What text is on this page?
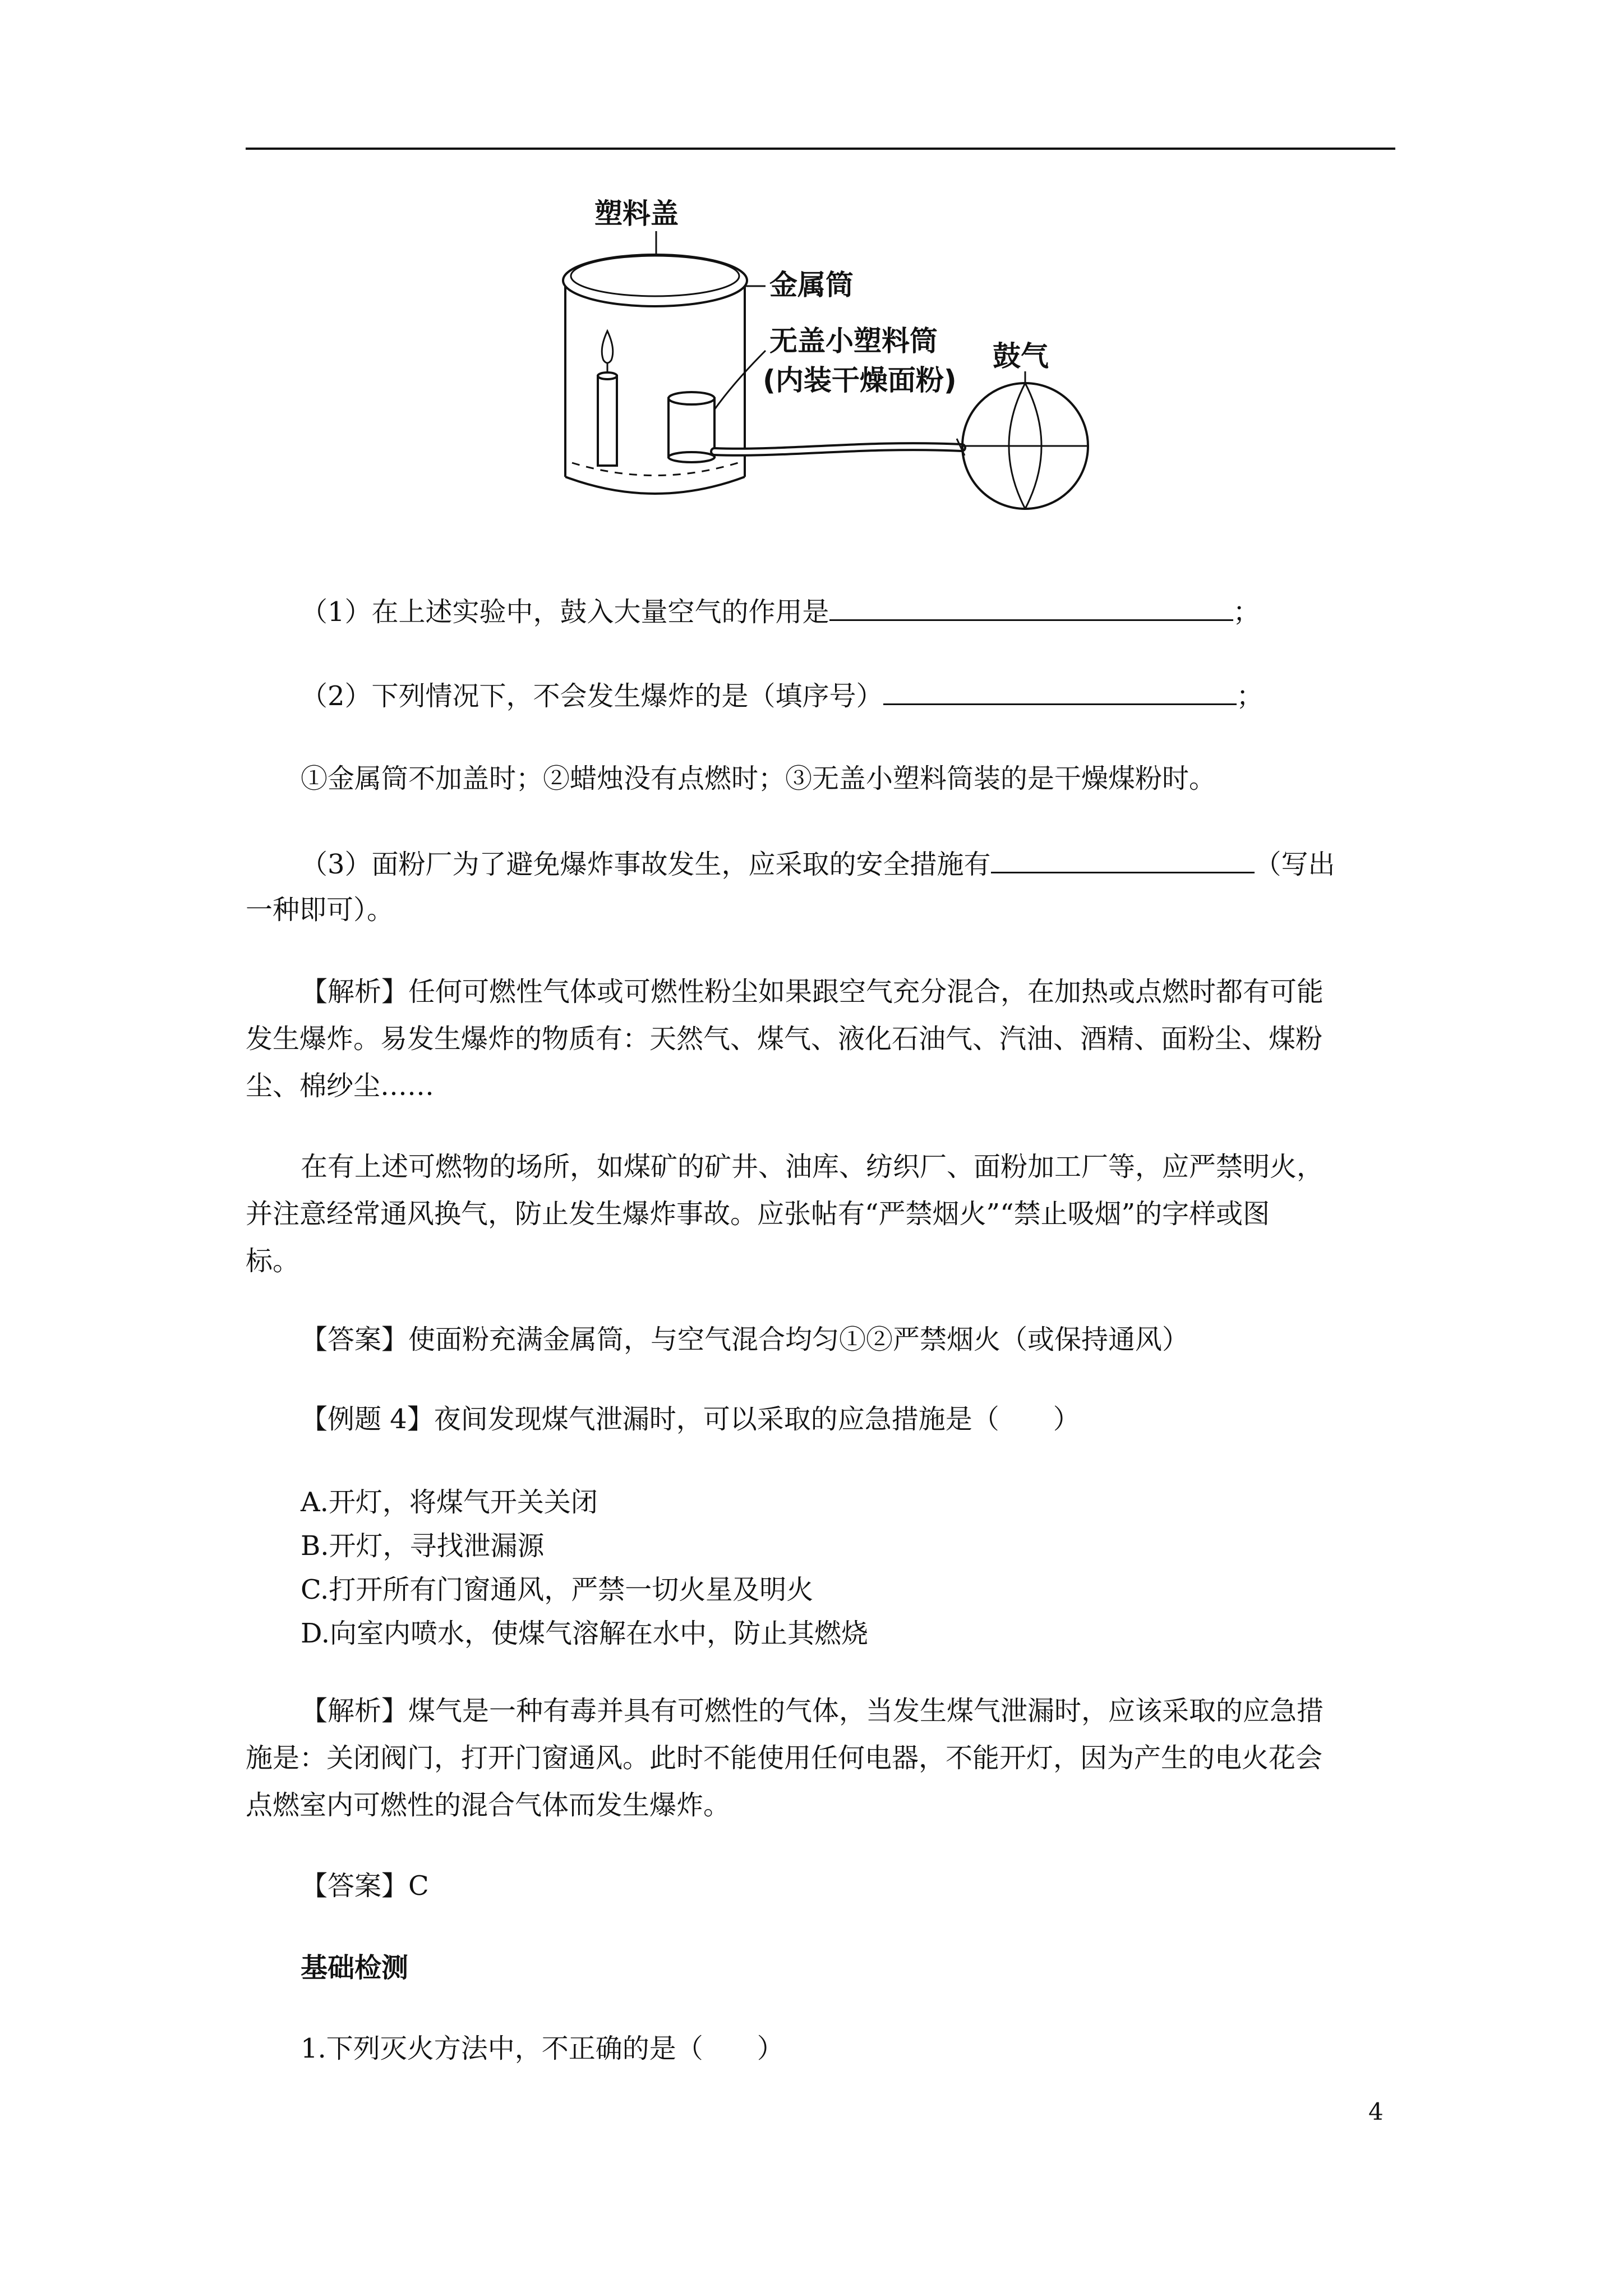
塑料盖
金属筒
无盖小塑料筒
(内装干燥面粉)
鼓气
（1）在上述实验中，鼓入大量空气的作用是	；
（2）下列情况下，不会发生爆炸的是（填序号）	；
①金属筒不加盖时；②蜡烛没有点燃时；③无盖小塑料筒装的是干燥煤粉时。
（3）面粉厂为了避免爆炸事故发生，应采取的安全措施有	（写出
一种即可）。
【解析】任何可燃性气体或可燃性粉尘如果跟空气充分混合，在加热或点燃时都有可能
发生爆炸。易发生爆炸的物质有：天然气、煤气、液化石油气、汽油、酒精、面粉尘、煤粉
尘、棉纱尘……
在有上述可燃物的场所，如煤矿的矿井、油库、纺织厂、面粉加工厂等，应严禁明火，
并注意经常通风换气，防止发生爆炸事故。应张帖有“严禁烟火”“禁止吸烟”的字样或图
标。
【答案】使面粉充满金属筒，与空气混合均匀①②严禁烟火（或保持通风）
【例题 4】夜间发现煤气泄漏时，可以采取的应急措施是（　　）
A.开灯，将煤气开关关闭
B.开灯，寻找泄漏源
C.打开所有门窗通风，严禁一切火星及明火
D.向室内喷水，使煤气溶解在水中，防止其燃烧
【解析】煤气是一种有毒并具有可燃性的气体，当发生煤气泄漏时，应该采取的应急措
施是：关闭阀门，打开门窗通风。此时不能使用任何电器，不能开灯，因为产生的电火花会
点燃室内可燃性的混合气体而发生爆炸。
【答案】C
基础检测
1.下列灭火方法中，不正确的是（　　）
4
